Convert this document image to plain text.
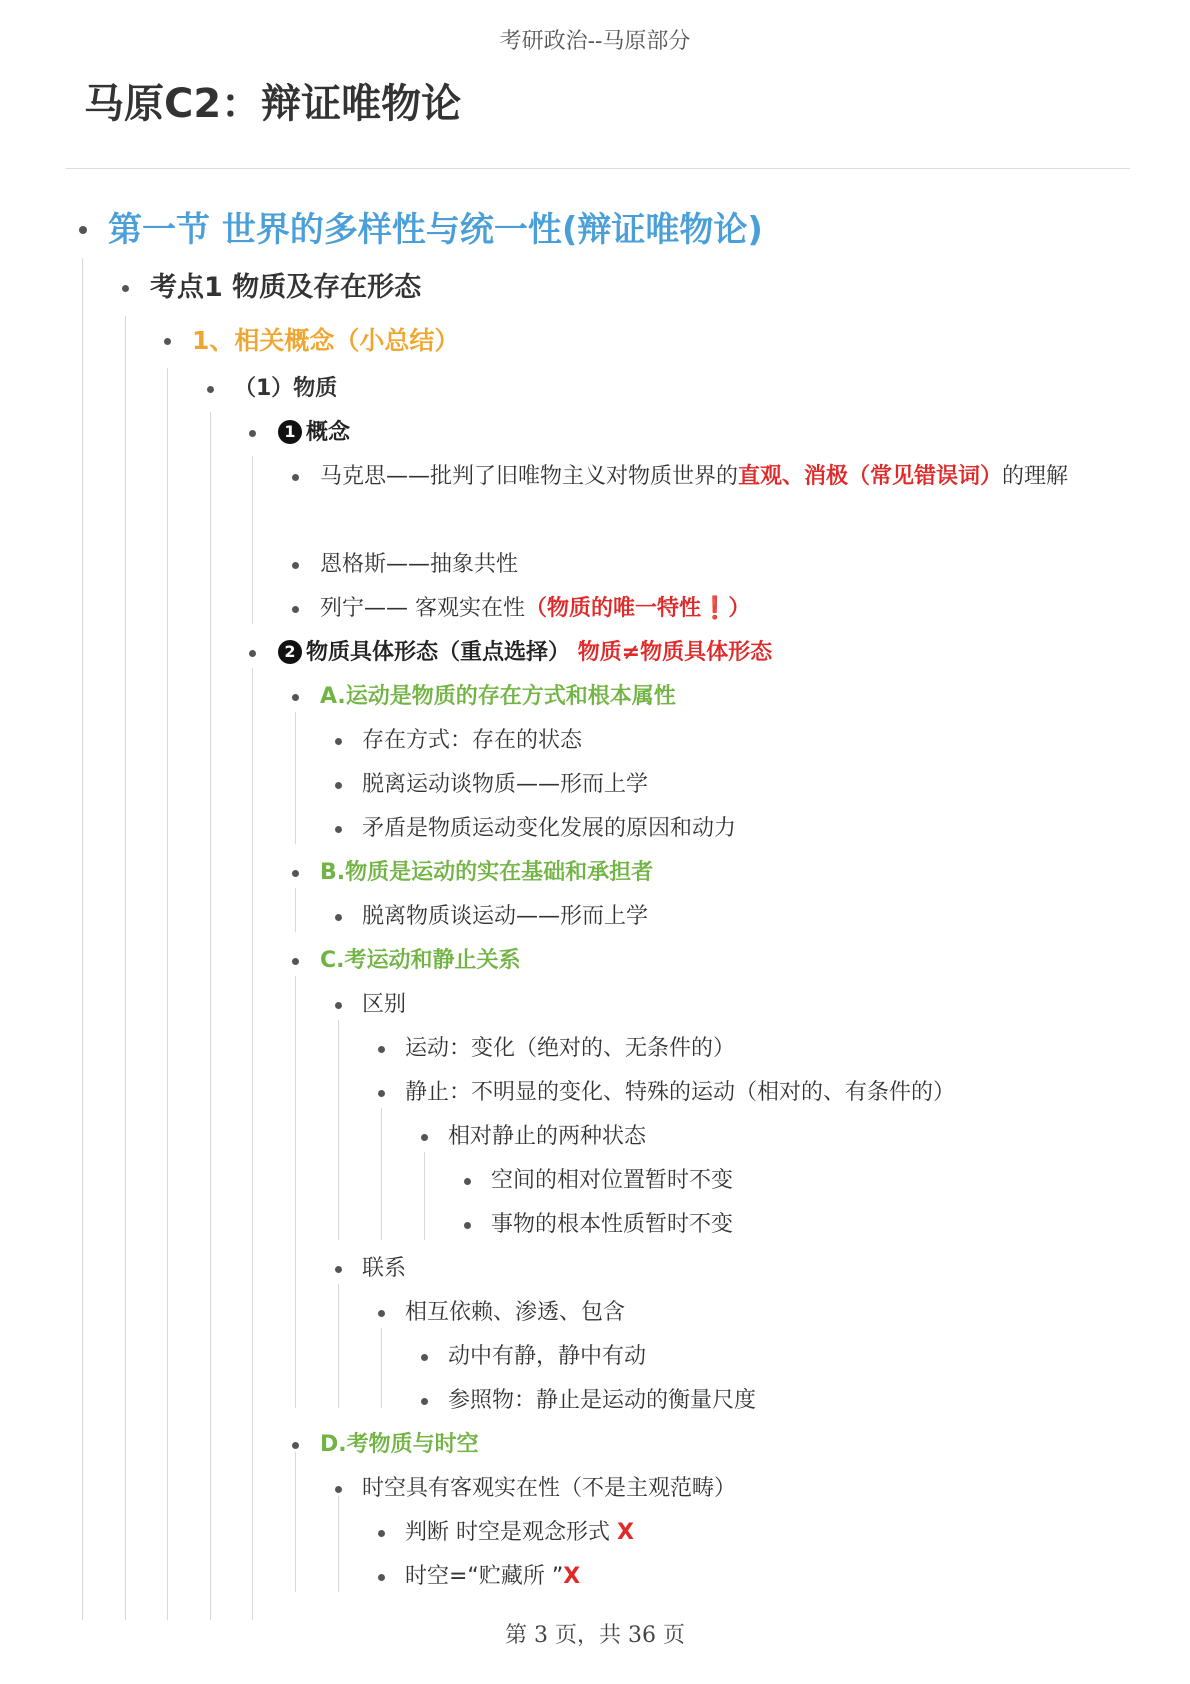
考研政治--马原部分
马原C2：辩证唯物论
第一节 世界的多样性与统一性(辩证唯物论)
考点1 物质及存在形态
1、相关概念（小总结）
（1）物质
1 概念
马克思——批判了旧唯物主义对物质世界的直观、消极（常见错误词）的理解
恩格斯——抽象共性
列宁—— 客观实在性（物质的唯一特性❗）
2 物质具体形态（重点选择） 物质≠物质具体形态
A.运动是物质的存在方式和根本属性
存在方式：存在的状态
脱离运动谈物质——形而上学
矛盾是物质运动变化发展的原因和动力
B.物质是运动的实在基础和承担者
脱离物质谈运动——形而上学
C.考运动和静止关系
区别
运动：变化（绝对的、无条件的）
静止：不明显的变化、特殊的运动（相对的、有条件的）
相对静止的两种状态
空间的相对位置暂时不变
事物的根本性质暂时不变
联系
相互依赖、渗透、包含
动中有静，静中有动
参照物：静止是运动的衡量尺度
D.考物质与时空
时空具有客观实在性（不是主观范畴）
判断 时空是观念形式 X
时空=“贮藏所 ”X
第 3 页，共 36 页
